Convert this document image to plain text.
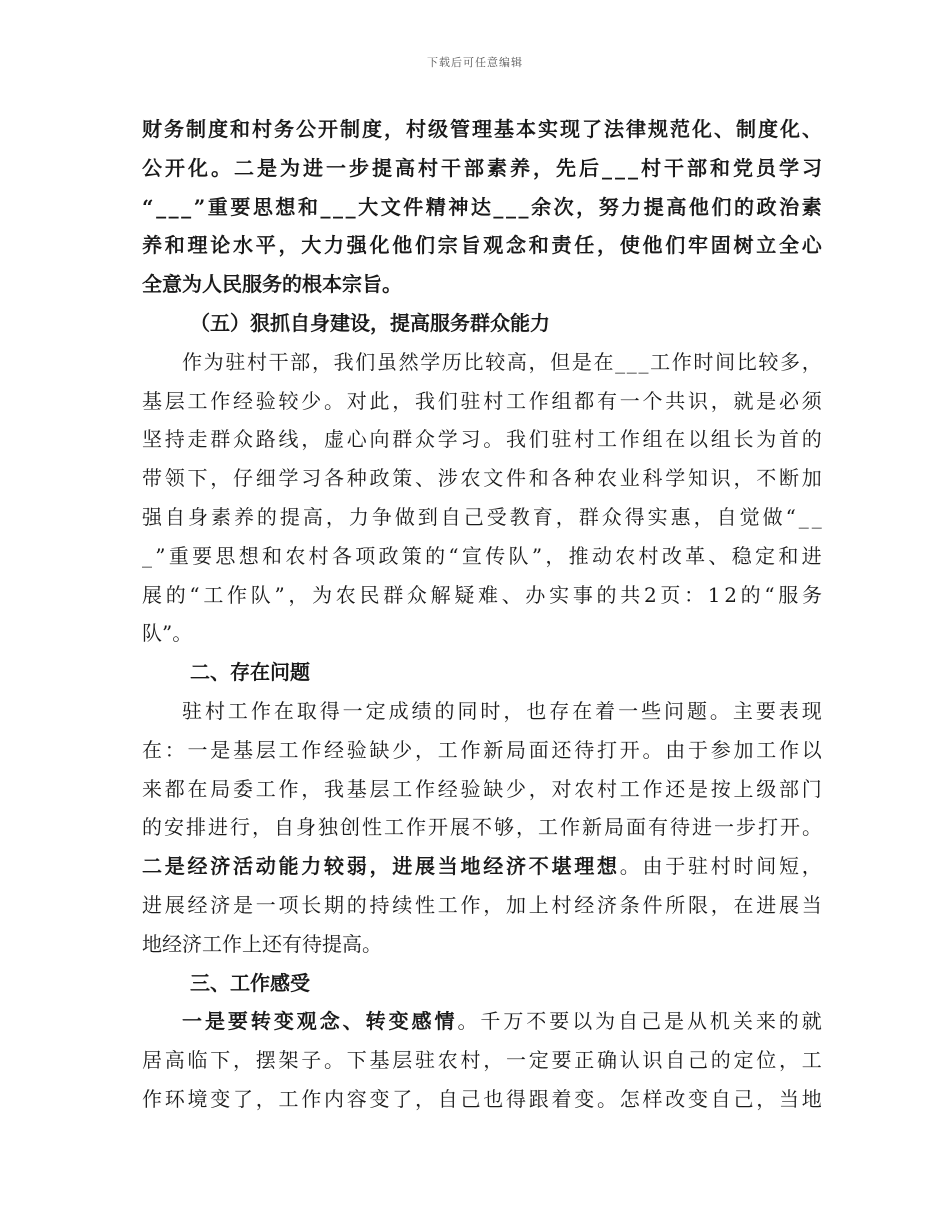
下载后可任意编辑
财 务 制 度 和 村 务 公 开 制 度 ， 村 级 管 理 基 本 实 现 了 法 律 规 范 化 、 制 度 化 、
公 开 化 。 二 是 为 进 一 步 提 高 村 干 部 素 养 ， 先 后 _ _ _ 村 干 部 和 党 员 学 习
“ _ _ _ ” 重 要 思 想 和 _ _ _ 大 文 件 精 神 达 _ _ _ 余 次 ， 努 力 提 高 他 们 的 政 治 素
养 和 理 论 水 平 ， 大 力 强 化 他 们 宗 旨 观 念 和 责 任 ， 使 他 们 牢 固 树 立 全 心
全意为人民服务的根本宗旨。
（五）狠抓自身建设，提高服务群众能力
作 为 驻 村 干 部 ， 我 们 虽 然 学 历 比 较 高 ， 但 是 在 _ _ _ 工 作 时 间 比 较 多 ，
基 层 工 作 经 验 较 少 。 对 此 ， 我 们 驻 村 工 作 组 都 有 一 个 共 识 ， 就 是 必 须
坚 持 走 群 众 路 线 ， 虚 心 向 群 众 学 习 。 我 们 驻 村 工 作 组 在 以 组 长 为 首 的
带 领 下 ， 仔 细 学 习 各 种 政 策 、 涉 农 文 件 和 各 种 农 业 科 学 知 识 ， 不 断 加
强 自 身 素 养 的 提 高 ， 力 争 做 到 自 己 受 教 育 ， 群 众 得 实 惠 ， 自 觉 做 “ _ _
_ ” 重 要 思 想 和 农 村 各 项 政 策 的 “ 宣 传 队 ” ， 推 动 农 村 改 革 、 稳 定 和 进
展 的 “ 工 作 队 ” ， 为 农 民 群 众 解 疑 难 、 办 实 事 的 共 2 页 ： 1 2 的 “ 服 务
队”。
二、存在问题
驻 村 工 作 在 取 得 一 定 成 绩 的 同 时 ， 也 存 在 着 一 些 问 题 。 主 要 表 现
在 ： 一 是 基 层 工 作 经 验 缺 少 ， 工 作 新 局 面 还 待 打 开 。 由 于 参 加 工 作 以
来 都 在 局 委 工 作 ， 我 基 层 工 作 经 验 缺 少 ， 对 农 村 工 作 还 是 按 上 级 部 门
的 安 排 进 行 ， 自 身 独 创 性 工 作 开 展 不 够 ， 工 作 新 局 面 有 待 进 一 步 打 开 。
二 是 经 济 活 动 能 力 较 弱 ， 进 展 当 地 经 济 不 堪 理 想 。 由 于 驻 村 时 间 短 ，
进 展 经 济 是 一 项 长 期 的 持 续 性 工 作 ， 加 上 村 经 济 条 件 所 限 ， 在 进 展 当
地经济工作上还有待提高。
三、工作感受
一 是 要 转 变 观 念 、 转 变 感 情 。 千 万 不 要 以 为 自 己 是 从 机 关 来 的 就
居 高 临 下 ， 摆 架 子 。 下 基 层 驻 农 村 ， 一 定 要 正 确 认 识 自 己 的 定 位 ， 工
作 环 境 变 了 ， 工 作 内 容 变 了 ， 自 己 也 得 跟 着 变 。 怎 样 改 变 自 己 ， 当 地
